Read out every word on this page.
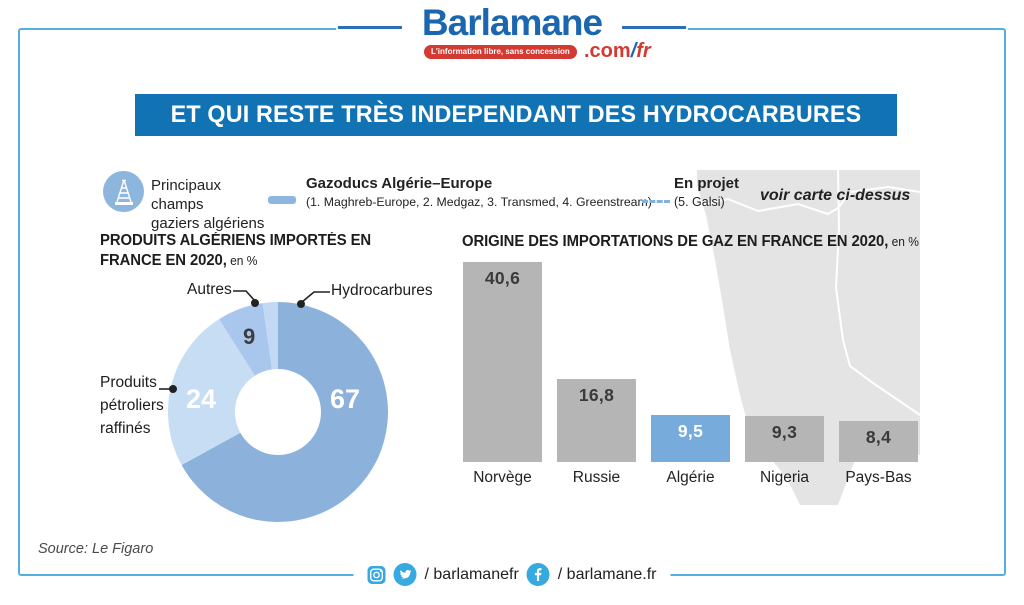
Barlamane
L'information libre, sans concession .com/fr
ET QUI RESTE TRÈS INDEPENDANT DES HYDROCARBURES
voir carte ci-dessus
Principaux champs
gaziers algériens
Gazoducs Algérie–Europe
(1. Maghreb-Europe, 2. Medgaz, 3. Transmed, 4. Greenstream)
En projet
(5. Galsi)
PRODUITS ALGÉRIENS IMPORTÉS EN FRANCE EN 2020, en %
Autres	Hydrocarbures
Produits
pétroliers
raffinés
67
24
9
ORIGINE DES IMPORTATIONS DE GAZ EN FRANCE EN 2020, en %
40,6
Norvège
16,8
Russie
9,5
Algérie
9,3
Nigeria
8,4
Pays-Bas
Source: Le Figaro
/ barlamanefr / barlamane.fr
